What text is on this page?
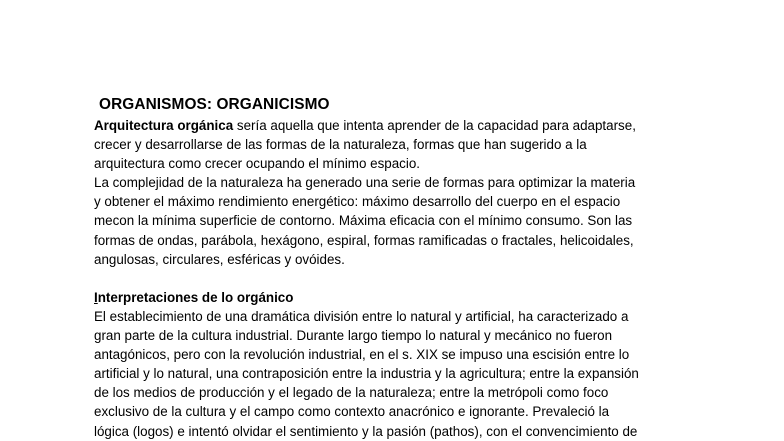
ORGANISMOS: ORGANICISMO
Arquitectura orgánica sería aquella que intenta aprender de la capacidad para adaptarse,
crecer y desarrollarse de las formas de la naturaleza, formas que han sugerido a la
arquitectura como crecer ocupando el mínimo espacio.
La complejidad de la naturaleza ha generado una serie de formas para optimizar la materia
y obtener el máximo rendimiento energético: máximo desarrollo del cuerpo en el espacio
mecon la mínima superficie de contorno. Máxima eficacia con el mínimo consumo. Son las
formas de ondas, parábola, hexágono, espiral, formas ramificadas o fractales, helicoidales,
angulosas, circulares, esféricas y ovóides.
Interpretaciones de lo orgánico
El establecimiento de una dramática división entre lo natural y artificial, ha caracterizado a
gran parte de la cultura industrial. Durante largo tiempo lo natural y mecánico no fueron
antagónicos, pero con la revolución industrial, en el s. XIX se impuso una escisión entre lo
artificial y lo natural, una contraposición entre la industria y la agricultura; entre la expansión
de los medios de producción y el legado de la naturaleza; entre la metrópoli como foco
exclusivo de la cultura y el campo como contexto anacrónico e ignorante. Prevaleció la
lógica (logos) e intentó olvidar el sentimiento y la pasión (pathos), con el convencimiento de
